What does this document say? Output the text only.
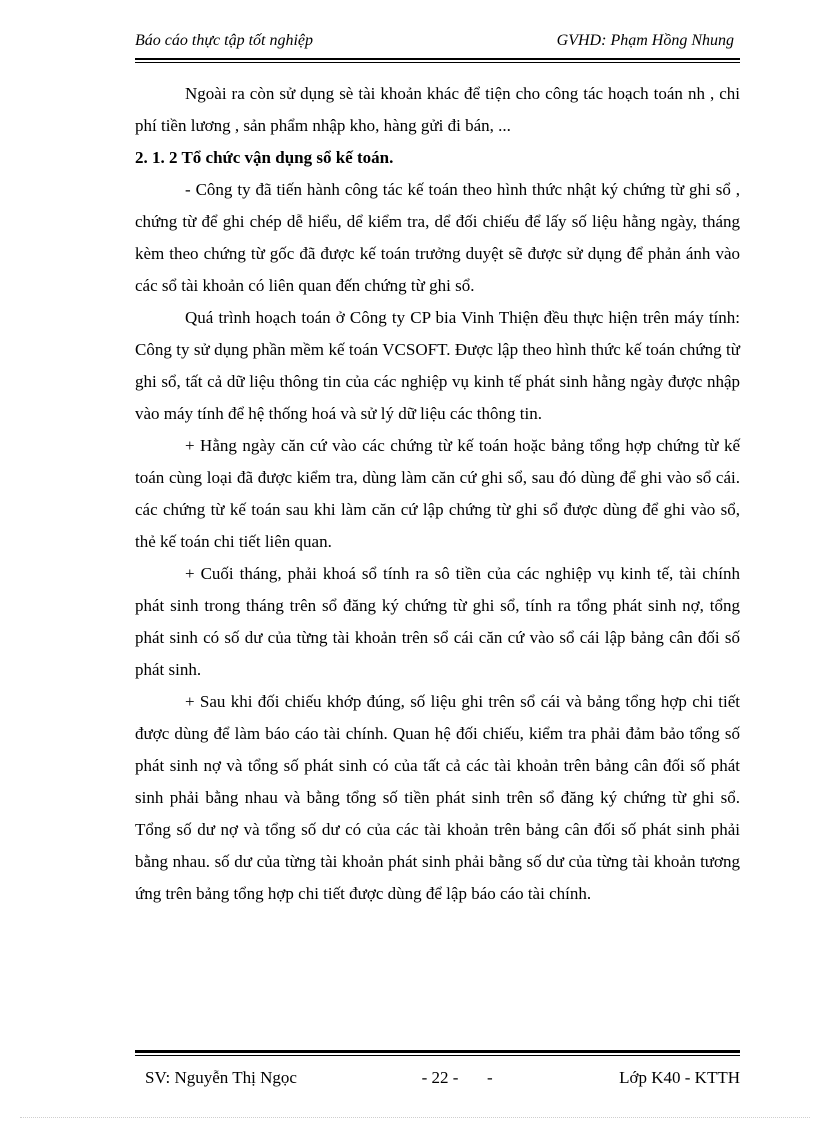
Báo cáo thực tập tốt nghiệp	GVHD: Phạm Hồng Nhung

Ngoài ra còn sử dụng sè tài khoản khác để tiện cho công tác hoạch toán nh , chi phí tiền lương , sản phẩm nhập kho, hàng gửi đi bán, ...

2. 1. 2 Tổ chức vận dụng sổ kế toán.

- Công ty đã tiến hành công tác kế toán theo hình thức nhật ký chứng từ ghi sổ , chứng từ để ghi chép dễ hiểu, dể kiểm tra, dể đối chiếu để lấy số liệu hằng ngày, tháng kèm theo chứng từ gốc đã được kế toán trưởng duyệt sẽ được sử dụng để phản ánh vào các sổ tài khoản có liên quan đến chứng từ ghi sổ.

Quá trình hoạch toán ở Công ty CP bia Vinh Thiện đều thực hiện trên máy tính: Công ty sử dụng phần mềm kế toán VCSOFT. Được lập theo hình thức kế toán chứng từ ghi sổ, tất cả dữ liệu thông tin của các nghiệp vụ kinh tế phát sinh hằng ngày được nhập vào máy tính để hệ thống hoá và sử lý dữ liệu các thông tin.

+ Hằng ngày căn cứ vào các chứng từ kế toán hoặc bảng tổng hợp chứng từ kế toán cùng loại đã được kiểm tra, dùng làm căn cứ ghi sổ, sau đó dùng để ghi vào sổ cái. các chứng từ kế toán sau khi làm căn cứ lập chứng từ ghi sổ được dùng để ghi vào sổ, thẻ kế toán chi tiết liên quan.

+ Cuối tháng, phải khoá sổ tính ra sô tiền của các nghiệp vụ kinh tế, tài chính phát sinh trong tháng trên sổ đăng ký chứng từ ghi sổ, tính ra tổng phát sinh nợ, tổng phát sinh có số dư của từng tài khoản trên sổ cái căn cứ vào sổ cái lập bảng cân đối số phát sinh.

+ Sau khi đối chiếu khớp đúng, số liệu ghi trên sổ cái và bảng tổng hợp chi tiết được dùng để làm báo cáo tài chính. Quan hệ đối chiếu, kiểm tra phải đảm bảo tổng số phát sinh nợ và tổng số phát sinh có của tất cả các tài khoản trên bảng cân đối số phát sinh phải bằng nhau và bằng tổng số tiền phát sinh trên sổ đăng ký chứng từ ghi sổ. Tổng số dư nợ và tổng số dư có của các tài khoản trên bảng cân đối số phát sinh phải bằng nhau. số dư của từng tài khoản phát sinh phải bằng số dư của từng tài khoản tương ứng trên bảng tổng hợp chi tiết được dùng để lập báo cáo tài chính.

SV: Nguyễn Thị Ngọc	-
- 22 -	Lớp K40 - KTTH
